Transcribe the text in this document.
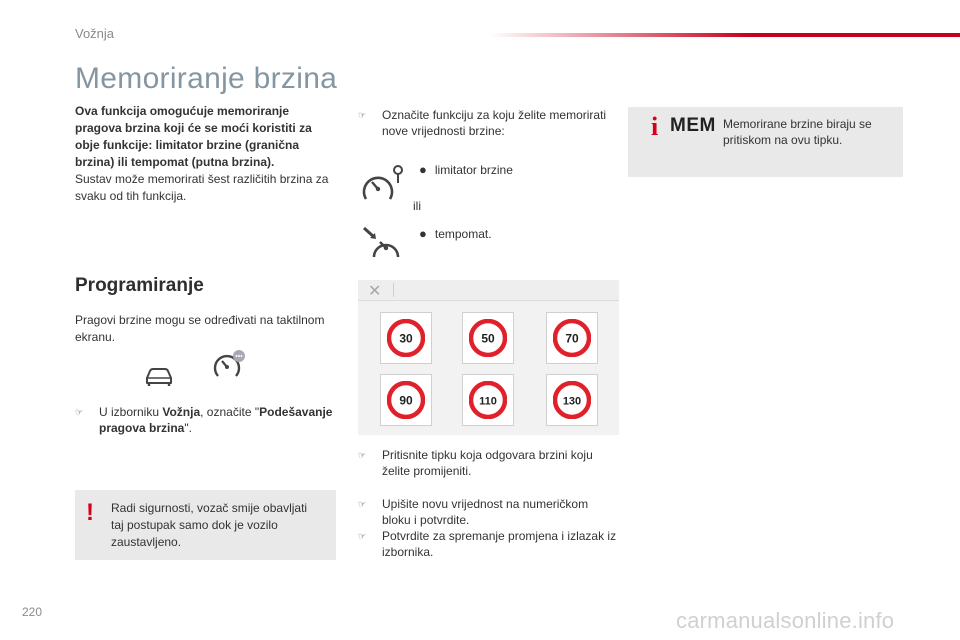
Vožnja
Memoriranje brzina
Ova funkcija omogućuje memoriranje pragova brzina koji će se moći koristiti za obje funkcije: limitator brzine (granična brzina) ili tempomat (putna brzina).
Sustav može memorirati šest različitih brzina za svaku od tih funkcija.
Programiranje
Pragovi brzine mogu se određivati na taktilnom ekranu.
☞	U izborniku Vožnja, označite "Podešavanje pragova brzina".
! Radi sigurnosti, vozač smije obavljati taj postupak samo dok je vozilo zaustavljeno.
☞	Označite funkciju za koju želite memorirati nove vrijednosti brzine:
● limitator brzine
ili
● tempomat.
✕
30	50	70
90	110	130
☞	Pritisnite tipku koja odgovara brzini koju želite promijeniti.
☞	Upišite novu vrijednost na numeričkom bloku i potvrdite.
☞	Potvrdite za spremanje promjena i izlazak iz izbornika.
i MEM Memorirane brzine biraju se pritiskom na ovu tipku.
220	carmanualsonline.info
